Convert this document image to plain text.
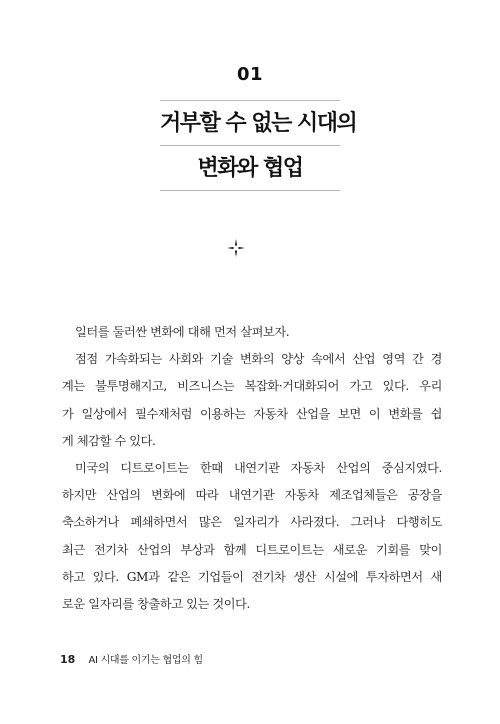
01
거부할 수 없는 시대의
변화와 협업

일터를 둘러싼 변화에 대해 먼저 살펴보자.

점점 가속화되는 사회와 기술 변화의 양상 속에서 산업 영역 간 경
계는 불투명해지고, 비즈니스는 복잡화·거대화되어 가고 있다. 우리
가 일상에서 필수재처럼 이용하는 자동차 산업을 보면 이 변화를 쉽
게 체감할 수 있다.

미국의 디트로이트는 한때 내연기관 자동차 산업의 중심지였다.
하지만 산업의 변화에 따라 내연기관 자동차 제조업체들은 공장을
축소하거나 폐쇄하면서 많은 일자리가 사라졌다. 그러나 다행히도
최근 전기차 산업의 부상과 함께 디트로이트는 새로운 기회를 맞이
하고 있다. GM과 같은 기업들이 전기차 생산 시설에 투자하면서 새
로운 일자리를 창출하고 있는 것이다.

18 AI 시대를 이기는 협업의 힘
